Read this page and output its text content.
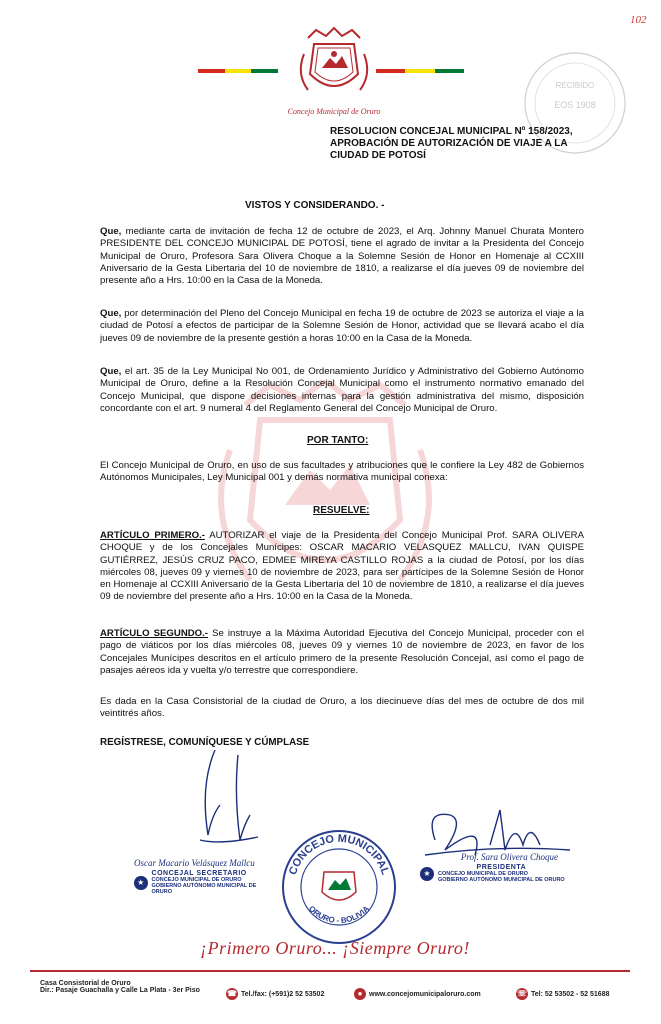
102
Concejo Municipal de Oruro
RECIBIDO
EOS 1908
RESOLUCION CONCEJAL MUNICIPAL Nº 158/2023,
APROBACIÓN DE AUTORIZACIÓN DE VIAJE A LA
CIUDAD DE POTOSÍ
VISTOS Y CONSIDERANDO. -
Que, mediante carta de invitación de fecha 12 de octubre de 2023, el Arq. Johnny Manuel Churata Montero PRESIDENTE DEL CONCEJO MUNICIPAL DE POTOSÍ, tiene el agrado de invitar a la Presidenta del Concejo Municipal de Oruro, Profesora Sara Olivera Choque a la Solemne Sesión de Honor en Homenaje al CCXIII Aniversario de la Gesta Libertaria del 10 de noviembre de 1810, a realizarse el día jueves 09 de noviembre del presente año a Hrs. 10:00 en la Casa de la Moneda.
Que, por determinación del Pleno del Concejo Municipal en fecha 19 de octubre de 2023 se autoriza el viaje a la ciudad de Potosí a efectos de participar de la Solemne Sesión de Honor, actividad que se llevará acabo el día jueves 09 de noviembre de la presente gestión a horas 10:00 en la Casa de la Moneda.
Que, el art. 35 de la Ley Municipal No 001, de Ordenamiento Jurídico y Administrativo del Gobierno Autónomo Municipal de Oruro, define a la Resolución Concejal Municipal como el instrumento normativo emanado del Concejo Municipal, que dispone decisiones internas para la gestión administrativa del mismo, disposición concordante con el art. 9 numeral 4 del Reglamento General del Concejo Municipal de Oruro.
POR TANTO:
El Concejo Municipal de Oruro, en uso de sus facultades y atribuciones que le confiere la Ley 482 de Gobiernos Autónomos Municipales, Ley Municipal 001 y demás normativa municipal conexa:
RESUELVE:
ARTÍCULO PRIMERO.- AUTORIZAR el viaje de la Presidenta del Concejo Municipal Prof. SARA OLIVERA CHOQUE y de los Concejales Munícipes: OSCAR MACARIO VELASQUEZ MALLCU, IVAN QUISPE GUTIÉRREZ, JESÚS CRUZ PACO, EDMEE MIREYA CASTILLO ROJAS a la ciudad de Potosí, por los días miércoles 08, jueves 09 y viernes 10 de noviembre de 2023, para ser partícipes de la Solemne Sesión de Honor en Homenaje al CCXIII Aniversario de la Gesta Libertaria del 10 de noviembre de 1810, a realizarse el día jueves 09 de noviembre del presente año a Hrs. 10:00 en la Casa de la Moneda.
ARTÍCULO SEGUNDO.- Se instruye a la Máxima Autoridad Ejecutiva del Concejo Municipal, proceder con el pago de viáticos por los días miércoles 08, jueves 09 y viernes 10 de noviembre de 2023, en favor de los Concejales Munícipes descritos en el artículo primero de la presente Resolución Concejal, así como el pago de pasajes aéreos ida y vuelta y/o terrestre que correspondiere.
Es dada en la Casa Consistorial de la ciudad de Oruro, a los diecinueve días del mes de octubre de dos mil veintitrés años.
REGÍSTRESE, COMUNÍQUESE Y CÚMPLASE
Oscar Macario Velásquez Mallcu
★
CONCEJAL SECRETARIO
CONCEJO MUNICIPAL DE ORURO
GOBIERNO AUTÓNOMO MUNICIPAL DE ORURO
CONCEJO MUNICIPAL
ORURO - BOLIVIA
Prof. Sara Olivera Choque
★
PRESIDENTA
CONCEJO MUNICIPAL DE ORURO
GOBIERNO AUTÓNOMO MUNICIPAL DE ORURO
¡Primero Oruro... ¡Siempre Oruro!
Casa Consistorial de Oruro
Dir.: Pasaje Guachalla y Calle La Plata - 3er Piso	☎ Tel./fax: (+591)2 52 53502	● www.concejomunicipaloruro.com	☏ Tel: 52 53502 - 52 51688
